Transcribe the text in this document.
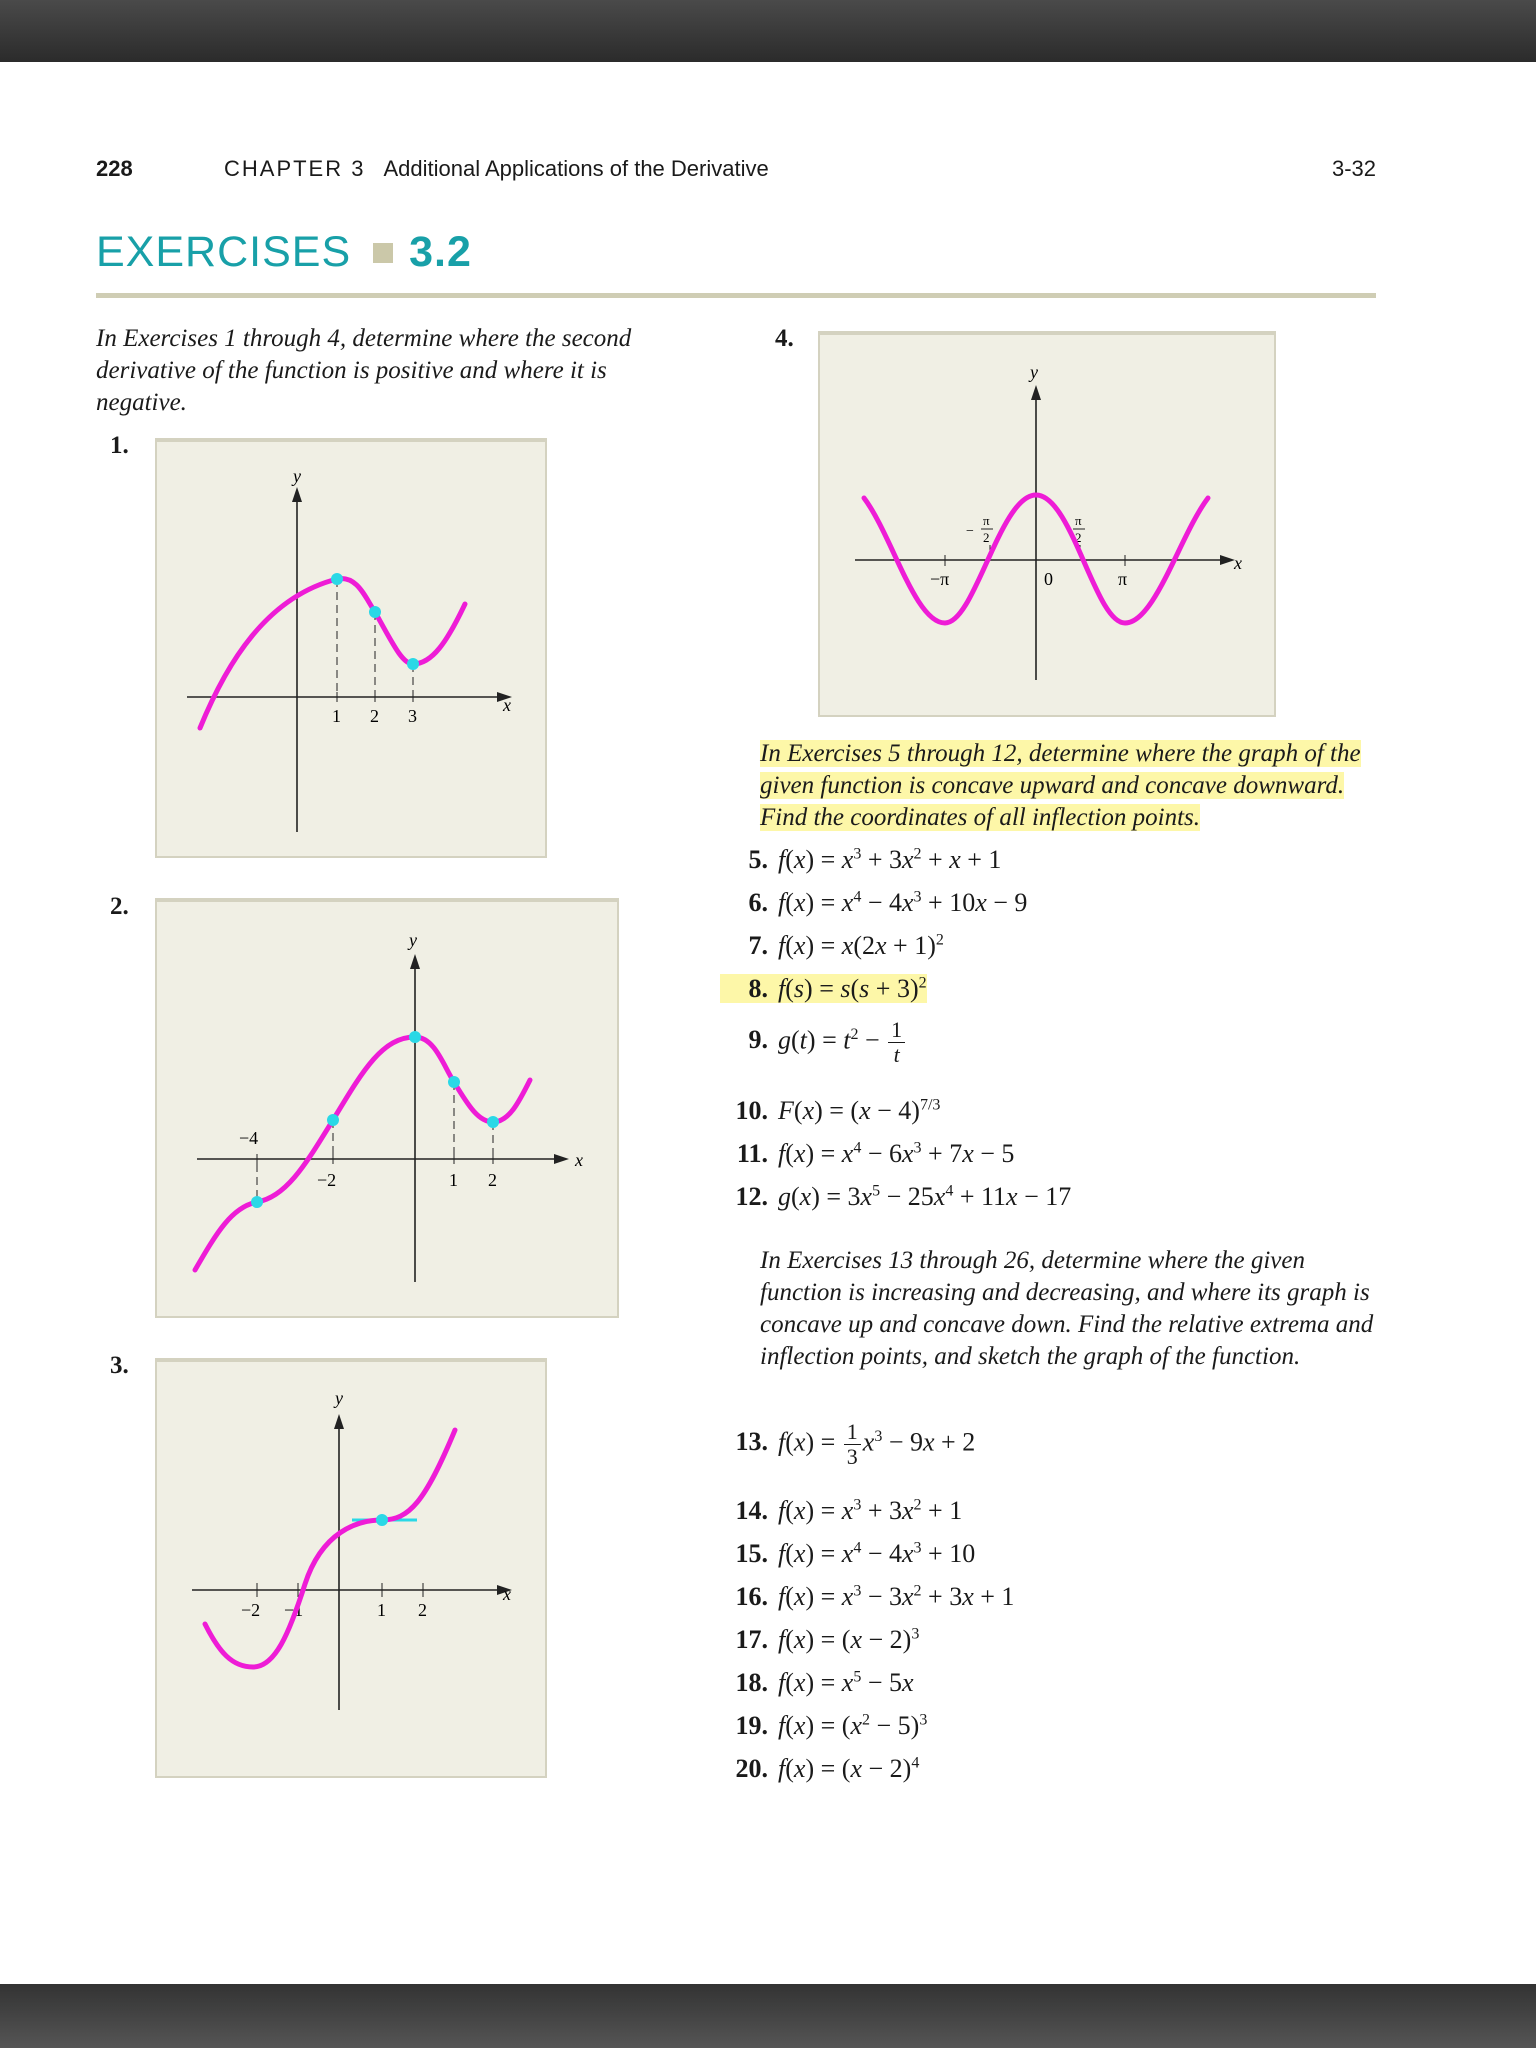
228	CHAPTER 3 Additional Applications of the Derivative	3-32
EXERCISES 3.2
In Exercises 1 through 4, determine where the second derivative of the function is positive and where it is negative.
1.
y
x
1 2 3
2.
y
x
−4
−2	1 2
3.
y
x
−2 −1	1 2
4.
y
x
−π	0	π
−
π
2
π
2
In Exercises 5 through 12, determine where the graph of the given function is concave upward and concave downward. Find the coordinates of all inflection points.
5. $f(x) = x^3 + 3x^2 + x + 1$
6. $f(x) = x^4 - 4x^3 + 10x - 9$
7. $f(x) = x(2x + 1)^2$
8. $f(s) = s(s + 3)^2$
9. $g(t) = t^2 - \frac{1}{t}$
10. $F(x) = (x - 4)^{7/3}$
11. $f(x) = x^4 - 6x^3 + 7x - 5$
12. $g(x) = 3x^5 - 25x^4 + 11x - 17$
In Exercises 13 through 26, determine where the given function is increasing and decreasing, and where its graph is concave up and concave down. Find the relative extrema and inflection points, and sketch the graph of the function.
13. $f(x) = \frac{1}{3} x^3 - 9x + 2$
14. $f(x) = x^3 + 3x^2 + 1$
15. $f(x) = x^4 - 4x^3 + 10$
16. $f(x) = x^3 - 3x^2 + 3x + 1$
17. $f(x) = (x - 2)^3$
18. $f(x) = x^5 - 5x$
19. $f(x) = (x^2 - 5)^3$
20. $f(x) = (x - 2)^4$
